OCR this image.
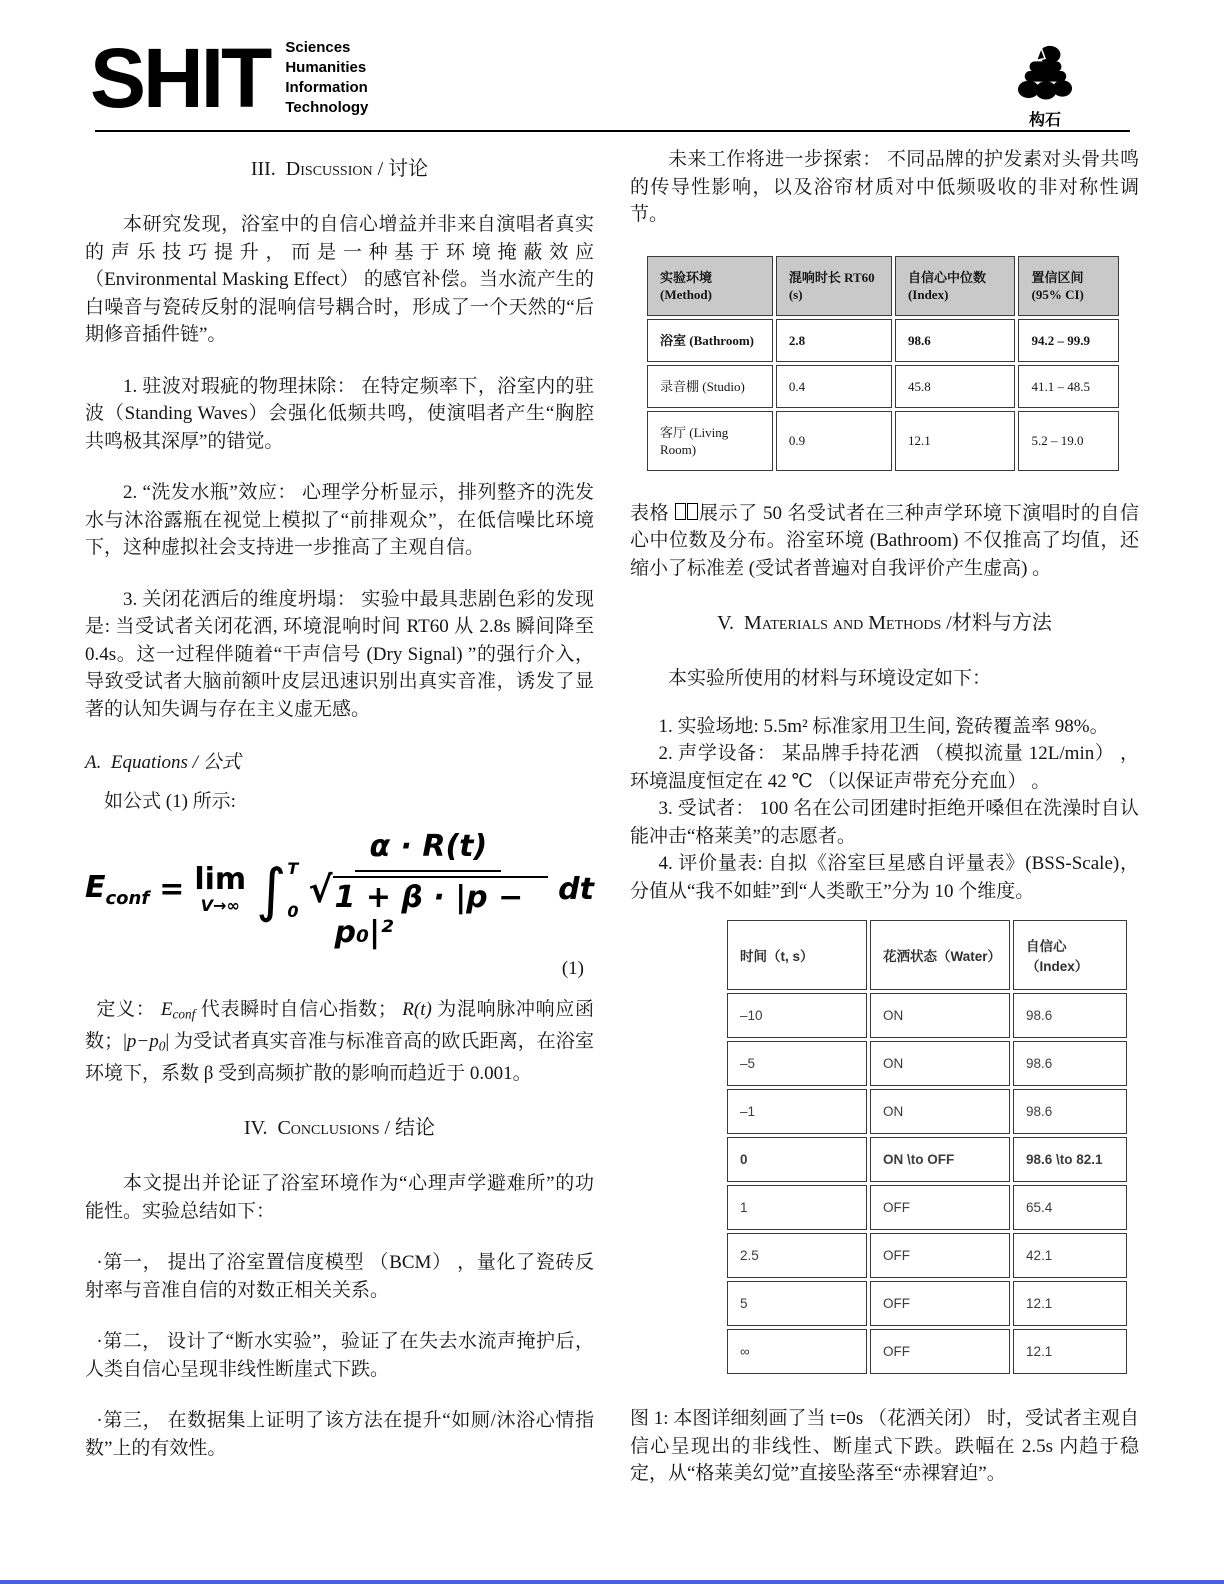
SHIT Sciences
Humanities
Information
Technology
构石
III.  Discussion / 讨论

本研究发现，浴室中的自信心增益并非来自演唱者真实的声乐技巧提升，而是一种基于环境掩蔽效应（Environmental Masking Effect） 的感官补偿。当水流产生的白噪音与瓷砖反射的混响信号耦合时，形成了一个天然的“后期修音插件链”。

1. 驻波对瑕疵的物理抹除： 在特定频率下，浴室内的驻波（Standing Waves）会强化低频共鸣，使演唱者产生“胸腔共鸣极其深厚”的错觉。

2. “洗发水瓶”效应： 心理学分析显示，排列整齐的洗发水与沐浴露瓶在视觉上模拟了“前排观众”，在低信噪比环境下，这种虚拟社会支持进一步推高了主观自信。

3. 关闭花洒后的维度坍塌： 实验中最具悲剧色彩的发现是: 当受试者关闭花洒, 环境混响时间 RT60 从 2.8s 瞬间降至 0.4s。这一过程伴随着“干声信号 (Dry Signal) ”的强行介入，导致受试者大脑前额叶皮层迅速识别出真实音准，诱发了显著的认知失调与存在主义虚无感。

A.  Equations / 公式

如公式 (1) 所示:

$E_{conf} = \lim$
V→∞ ∫ T
$0 \frac{\alpha \cdot R(t)}{\text{√ 1 + β · |p − p₀|²}}$ dt
(1)

定义： Econf 代表瞬时自信心指数； R(t) 为混响脉冲响应函数；|p−p0| 为受试者真实音准与标准音高的欧氏距离，在浴室环境下，系数 β 受到高频扩散的影响而趋近于 0.001。

IV.  Conclusions / 结论

本文提出并论证了浴室环境作为“心理声学避难所”的功能性。实验总结如下：

·第一， 提出了浴室置信度模型 （BCM） ，量化了瓷砖反射率与音准自信的对数正相关关系。

·第二， 设计了“断水实验”，验证了在失去水流声掩护后，人类自信心呈现非线性断崖式下跌。

·第三， 在数据集上证明了该方法在提升“如厕/沐浴心情指数”上的有效性。

未来工作将进一步探索： 不同品牌的护发素对头骨共鸣的传导性影响，以及浴帘材质对中低频吸收的非对称性调节。

实验环境 (Method)	混响时长 RT60 (s)	自信心中位数 (Index)	置信区间 (95% CI)
浴室 (Bathroom)	2.8	98.6	94.2 – 99.9
录音棚 (Studio)	0.4	45.8	41.1 – 48.5
客厅 (Living Room)	0.9	12.1	5.2 – 19.0

表格 展示了 50 名受试者在三种声学环境下演唱时的自信心中位数及分布。浴室环境 (Bathroom) 不仅推高了均值，还缩小了标准差 (受试者普遍对自我评价产生虚高) 。

V.  Materials and Methods /材料与方法

本实验所使用的材料与环境设定如下：

1. 实验场地: 5.5m² 标准家用卫生间, 瓷砖覆盖率 98%。

2. 声学设备： 某品牌手持花洒 （模拟流量 12L/min） ，环境温度恒定在 42 ℃ （以保证声带充分充血） 。

3. 受试者： 100 名在公司团建时拒绝开嗓但在洗澡时自认能冲击“格莱美”的志愿者。

4. 评价量表: 自拟《浴室巨星感自评量表》(BSS-Scale)，分值从“我不如蛙”到“人类歌王”分为 10 个维度。

时间（t, s）	花洒状态（Water）	自信心（Index）
–10	ON	98.6
–5	ON	98.6
–1	ON	98.6
0	ON \to OFF	98.6 \to 82.1
1	OFF	65.4
2.5	OFF	42.1
5	OFF	12.1
∞	OFF	12.1

图 1: 本图详细刻画了当 t=0s （花洒关闭） 时，受试者主观自信心呈现出的非线性、断崖式下跌。跌幅在 2.5s 内趋于稳定，从“格莱美幻觉”直接坠落至“赤裸窘迫”。
